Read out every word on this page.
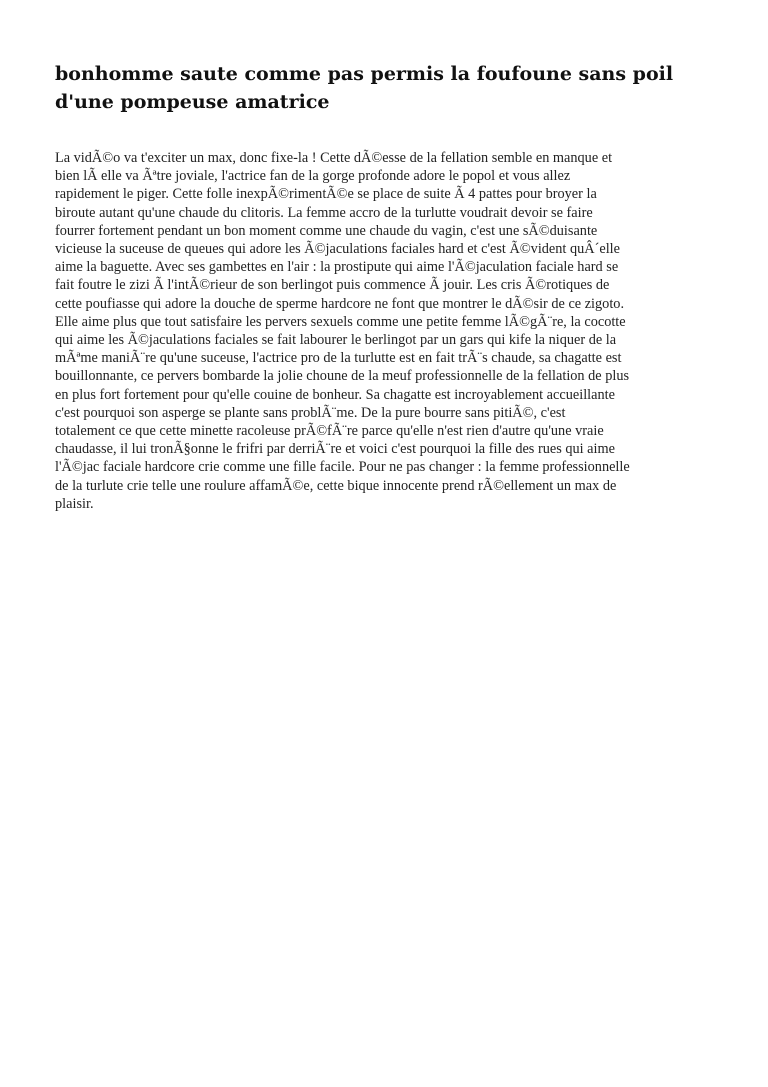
bonhomme saute comme pas permis la foufoune sans poil
d'une pompeuse amatrice
La vidÃ©o va t'exciter un max, donc fixe-la ! Cette dÃ©esse de la fellation semble en manque et
bien lÃ elle va Ãªtre joviale, l'actrice fan de la gorge profonde adore le popol et vous allez
rapidement le piger. Cette folle inexpÃ©rimentÃ©e se place de suite Ã 4 pattes pour broyer la
biroute autant qu'une chaude du clitoris. La femme accro de la turlutte voudrait devoir se faire
fourrer fortement pendant un bon moment comme une chaude du vagin, c'est une sÃ©duisante
vicieuse la suceuse de queues qui adore les Ã©jaculations faciales hard et c'est Ã©vident quÂ´elle
aime la baguette. Avec ses gambettes en l'air : la prostipute qui aime l'Ã©jaculation faciale hard se
fait foutre le zizi Ã l'intÃ©rieur de son berlingot puis commence Ã jouir. Les cris Ã©rotiques de
cette poufiasse qui adore la douche de sperme hardcore ne font que montrer le dÃ©sir de ce zigoto.
Elle aime plus que tout satisfaire les pervers sexuels comme une petite femme lÃ©gÃ¨re, la cocotte
qui aime les Ã©jaculations faciales se fait labourer le berlingot par un gars qui kife la niquer de la
mÃªme maniÃ¨re qu'une suceuse, l'actrice pro de la turlutte est en fait trÃ¨s chaude, sa chagatte est
bouillonnante, ce pervers bombarde la jolie choune de la meuf professionnelle de la fellation de plus
en plus fort fortement pour qu'elle couine de bonheur. Sa chagatte est incroyablement accueillante
c'est pourquoi son asperge se plante sans problÃ¨me. De la pure bourre sans pitiÃ©, c'est
totalement ce que cette minette racoleuse prÃ©fÃ¨re parce qu'elle n'est rien d'autre qu'une vraie
chaudasse, il lui tronÃ§onne le frifri par derriÃ¨re et voici c'est pourquoi la fille des rues qui aime
l'Ã©jac faciale hardcore crie comme une fille facile. Pour ne pas changer : la femme professionnelle
de la turlute crie telle une roulure affamÃ©e, cette bique innocente prend rÃ©ellement un max de
plaisir.
